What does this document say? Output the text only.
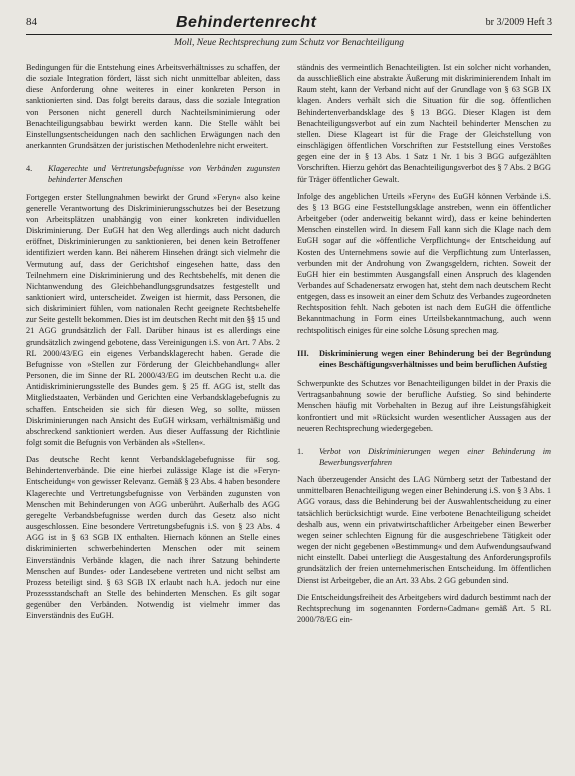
84	Behindertenrecht	br 3/2009 Heft 3
Moll, Neue Rechtsprechung zum Schutz vor Benachteiligung

Bedingungen für die Entstehung eines Arbeitsverhältnisses zu schaffen, der die soziale Integration fördert, lässt sich nicht unmittelbar ableiten, dass diese Anforderung ohne weiteres in einer konkreten Person in sanktionierten sind. Das folgt bereits daraus, dass die soziale Integration von Personen nicht generell durch Nachteilsminimierung oder Benachteiligungsabbau bewirkt werden kann. Die Stelle wählt bei Einstellungsentscheidungen nach den sachlichen Erwägungen nach den anerkannten Grundsätzen der juristischen Methodenlehre nicht erweitert.

4.	Klagerechte und Vertretungsbefugnisse von Verbänden zugunsten behinderter Menschen

Fortgegen erster Stellungnahmen bewirkt der Grund »Feryn« also keine generelle Verantwortung des Diskriminierungsschutzes bei der Besetzung von Arbeitsplätzen unabhängig von einer konkreten individuellen Diskriminierung. Der EuGH hat den Weg allerdings auch nicht dadurch eröffnet, Diskriminierungen zu sanktionieren, bei denen kein Betroffener identifiziert werden kann. Bei näherem Hinsehen drängt sich vielmehr die Vermutung auf, dass der Gerichtshof eingesehen hatte, dass den Teilnehmern eine Diskriminierung und des Rechtsbehelfs, mit denen die Nichtanwendung des Gleichbehandlungsgrundsatzes festgestellt und sanktioniert wird, unterscheidet. Zweigen ist hiermit, dass Personen, die sich diskriminiert fühlen, vom nationalen Recht geeignete Rechtsbehelfe zur Seite gestellt bekommen. Dies ist im deutschen Recht mit den §§ 15 und 21 AGG grundsätzlich der Fall. Darüber hinaus ist es allerdings eine grundsätzlich zwingend gebotene, dass Vereinigungen i.S. von Art. 7 Abs. 2 RL 2000/43/EG ein eigenes Verbandsklagerecht haben. Gerade die Befugnisse von »Stellen zur Förderung der Gleichbehandlung« aller Personen, die im Sinne der RL 2000/43/EG im deutschen Recht u.a. die Antidiskriminierungsstelle des Bundes gem. § 25 ff. AGG ist, stellt das Mitgliedstaaten, Verbänden und Gerichten eine Verbandsklagebefugnis zu schaffen. Entscheiden sie sich für diesen Weg, so sollte, müssen Diskriminierungen nach Ansicht des EuGH wirksam, verhältnismäßig und abschreckend sanktioniert werden. Aus dieser Auffassung der Richtlinie folgt somit die Befugnis von Verbänden als »Stellen«.

Das deutsche Recht kennt Verbandsklagebefugnisse für sog. Behindertenverbände. Die eine hierbei zulässige Klage ist die »Feryn-Entscheidung« von gewisser Relevanz. Gemäß § 23 Abs. 4 haben besondere Klagerechte und Vertretungsbefugnisse von Verbänden zugunsten von Menschen mit Behinderungen von AGG unberührt. Außerhalb des AGG geregelte Verbandsbefugnisse werden durch das Gesetz also nicht ausgeschlossen. Eine besondere Vertretungsbefugnis i.S. von § 23 Abs. 4 AGG ist in § 63 SGB IX enthalten. Hiernach können an Stelle eines diskriminierten schwerbehinderten Menschen oder mit seinem Einverständnis Verbände klagen, die nach ihrer Satzung behinderte Menschen auf Bundes- oder Landesebene vertreten und nicht selbst am Prozess beteiligt sind. § 63 SGB IX erlaubt nach h.A. jedoch nur eine Prozessstandschaft an Stelle des behinderten Menschen. Es gilt sogar gegenüber den Verbänden. Notwendig ist vielmehr immer das Einverständnis des EuGH.

ständnis des vermeintlich Benachteiligten. Ist ein solcher nicht vorhanden, da ausschließlich eine abstrakte Äußerung mit diskriminierendem Inhalt im Raum steht, kann der Verband nicht auf der Grundlage von § 63 SGB IX klagen. Anders verhält sich die Situation für die sog. öffentlichen Behindertenverbandsklage des § 13 BGG. Dieser Klagen ist dem Benachteiligungsverbot auf ein zum Nachteil behinderter Menschen zu stellen. Diese Klageart ist für die Frage der Gleichstellung von einschlägigen öffentlichen Vorschriften zur Feststellung eines Verstoßes gegen eine der in § 13 Abs. 1 Satz 1 Nr. 1 bis 3 BGG aufgezählten Vorschriften. Hierzu gehört das Benachteiligungsverbot des § 7 Abs. 2 BGG für Träger öffentlicher Gewalt.

Infolge des angeblichen Urteils »Feryn« des EuGH können Verbände i.S. des § 13 BGG eine Feststellungsklage anstreben, wenn ein öffentlicher Arbeitgeber (oder anderweitig bekannt wird), dass er keine behinderten Menschen einstellen wird. In diesem Fall kann sich die Klage nach dem EuGH sogar auf die »öffentliche Verpflichtung« der Entscheidung auf Kosten des Unternehmens sowie auf die Verpflichtung zum Unterlassen, verbunden mit der Androhung von Zwangsgeldern, richten. Soweit der EuGH hier ein bestimmten Ausgangsfall einen Anspruch des klagenden Verbandes auf Schadenersatz erwogen hat, steht dem nach deutschem Recht entgegen, dass es insoweit an einer dem Schutz des Verbandes zugeordneten Rechtsposition fehlt. Nach geboten ist nach dem EuGH die öffentliche Bekanntmachung in Form eines Urteilsbekanntmachung, auch wenn rechtspolitisch einiges für eine solche Lösung sprechen mag.

III.	Diskriminierung wegen einer Behinderung bei der Begründung eines Beschäftigungsverhältnisses und beim beruflichen Aufstieg

Schwerpunkte des Schutzes vor Benachteiligungen bildet in der Praxis die Vertragsanbahnung sowie der berufliche Aufstieg. So sind behinderte Menschen häufig mit Vorbehalten in Bezug auf ihre Leistungsfähigkeit konfrontiert und mit »Rücksicht wurden wesentlicher Aussagen aus der neueren Rechtsprechung wiedergegeben.

1.	Verbot von Diskriminierungen wegen einer Behinderung im Bewerbungsverfahren

Nach überzeugender Ansicht des LAG Nürnberg setzt der Tatbestand der unmittelbaren Benachteiligung wegen einer Behinderung i.S. von § 3 Abs. 1 AGG voraus, dass die Behinderung bei der Auswahlentscheidung zu einer tatsächlich berücksichtigt wurde. Eine verbotene Benachteiligung scheidet deshalb aus, wenn ein privatwirtschaftlicher Arbeitgeber einen Bewerber wegen seiner schlechten Eignung für die ausgeschriebene Tätigkeit oder wegen der nicht gegebenen »Bestimmung« und dem Aufwendungsaufwand nicht einstellt. Dabei unterliegt die Ausgestaltung des Anforderungsprofils grundsätzlich der freien unternehmerischen Entscheidung. Im öffentlichen Dienst ist Arbeitgeber, die an Art. 33 Abs. 2 GG gebunden sind.

Die Entscheidungsfreiheit des Arbeitgebers wird dadurch bestimmt nach der Rechtsprechung im sogenannten Fordern»Cadman« gemäß Art. 5 RL 2000/78/EG ein-
